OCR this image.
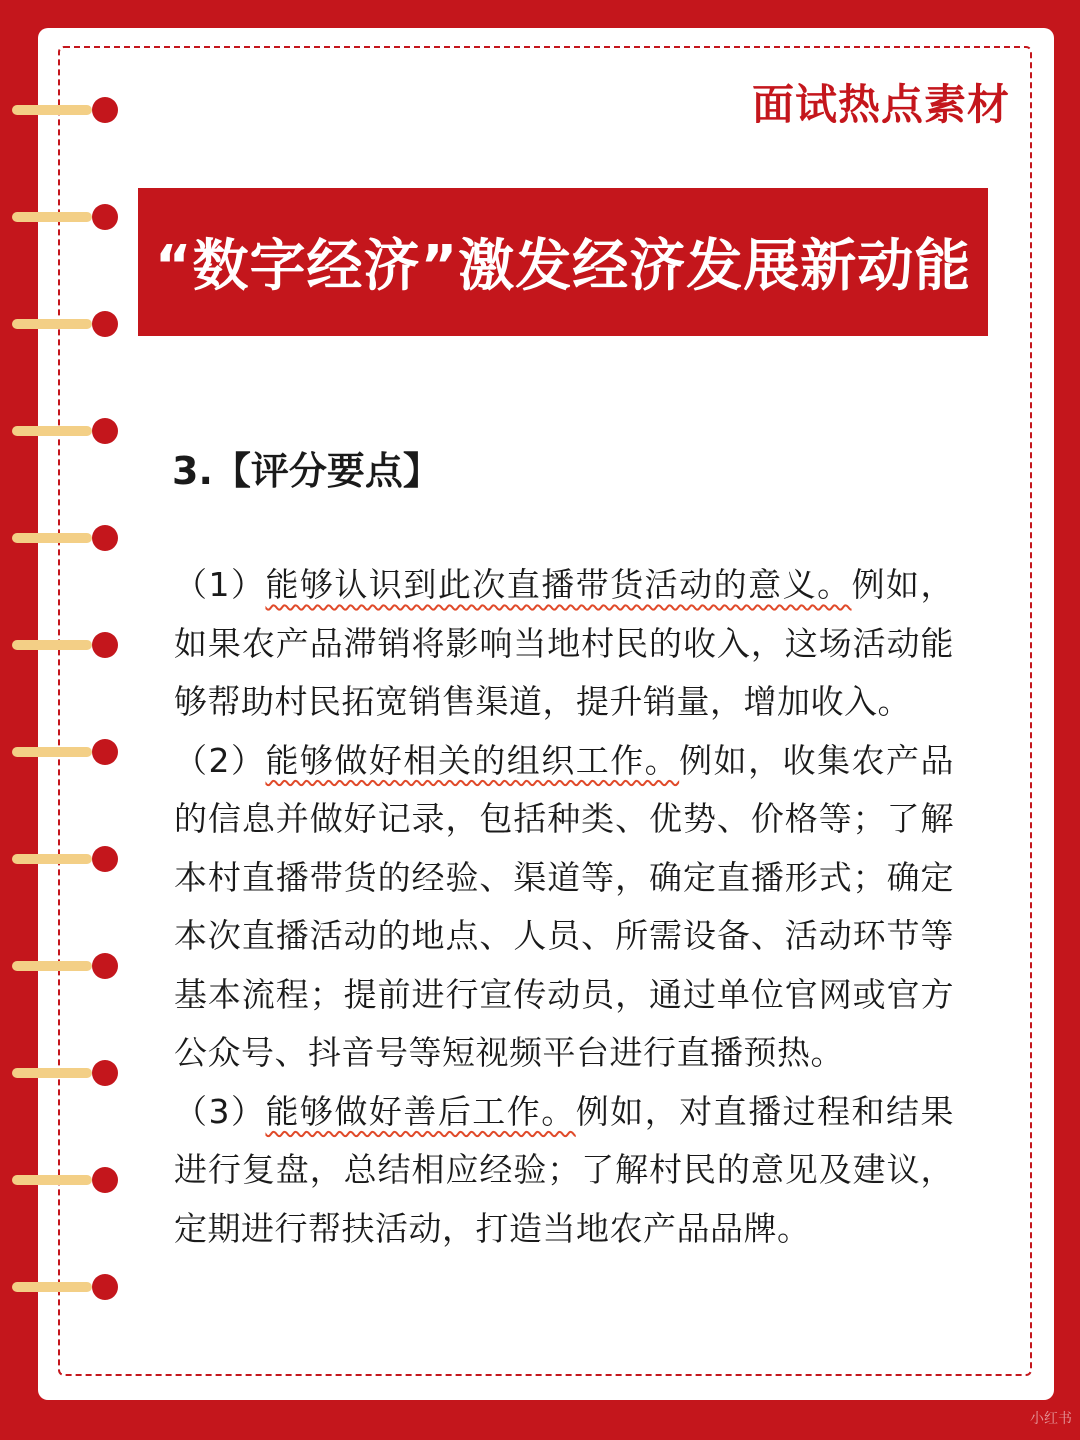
面试热点素材
“数字经济”激发经济发展新动能
3.【评分要点】

（1）能够认识到此次直播带货活动的意义。例如，如果农产品滞销将影响当地村民的收入，这场活动能够帮助村民拓宽销售渠道，提升销量，增加收入。

（2）能够做好相关的组织工作。例如，收集农产品的信息并做好记录，包括种类、优势、价格等；了解本村直播带货的经验、渠道等，确定直播形式；确定本次直播活动的地点、人员、所需设备、活动环节等基本流程；提前进行宣传动员，通过单位官网或官方公众号、抖音号等短视频平台进行直播预热。

（3）能够做好善后工作。例如，对直播过程和结果进行复盘，总结相应经验；了解村民的意见及建议，定期进行帮扶活动，打造当地农产品品牌。

小红书
